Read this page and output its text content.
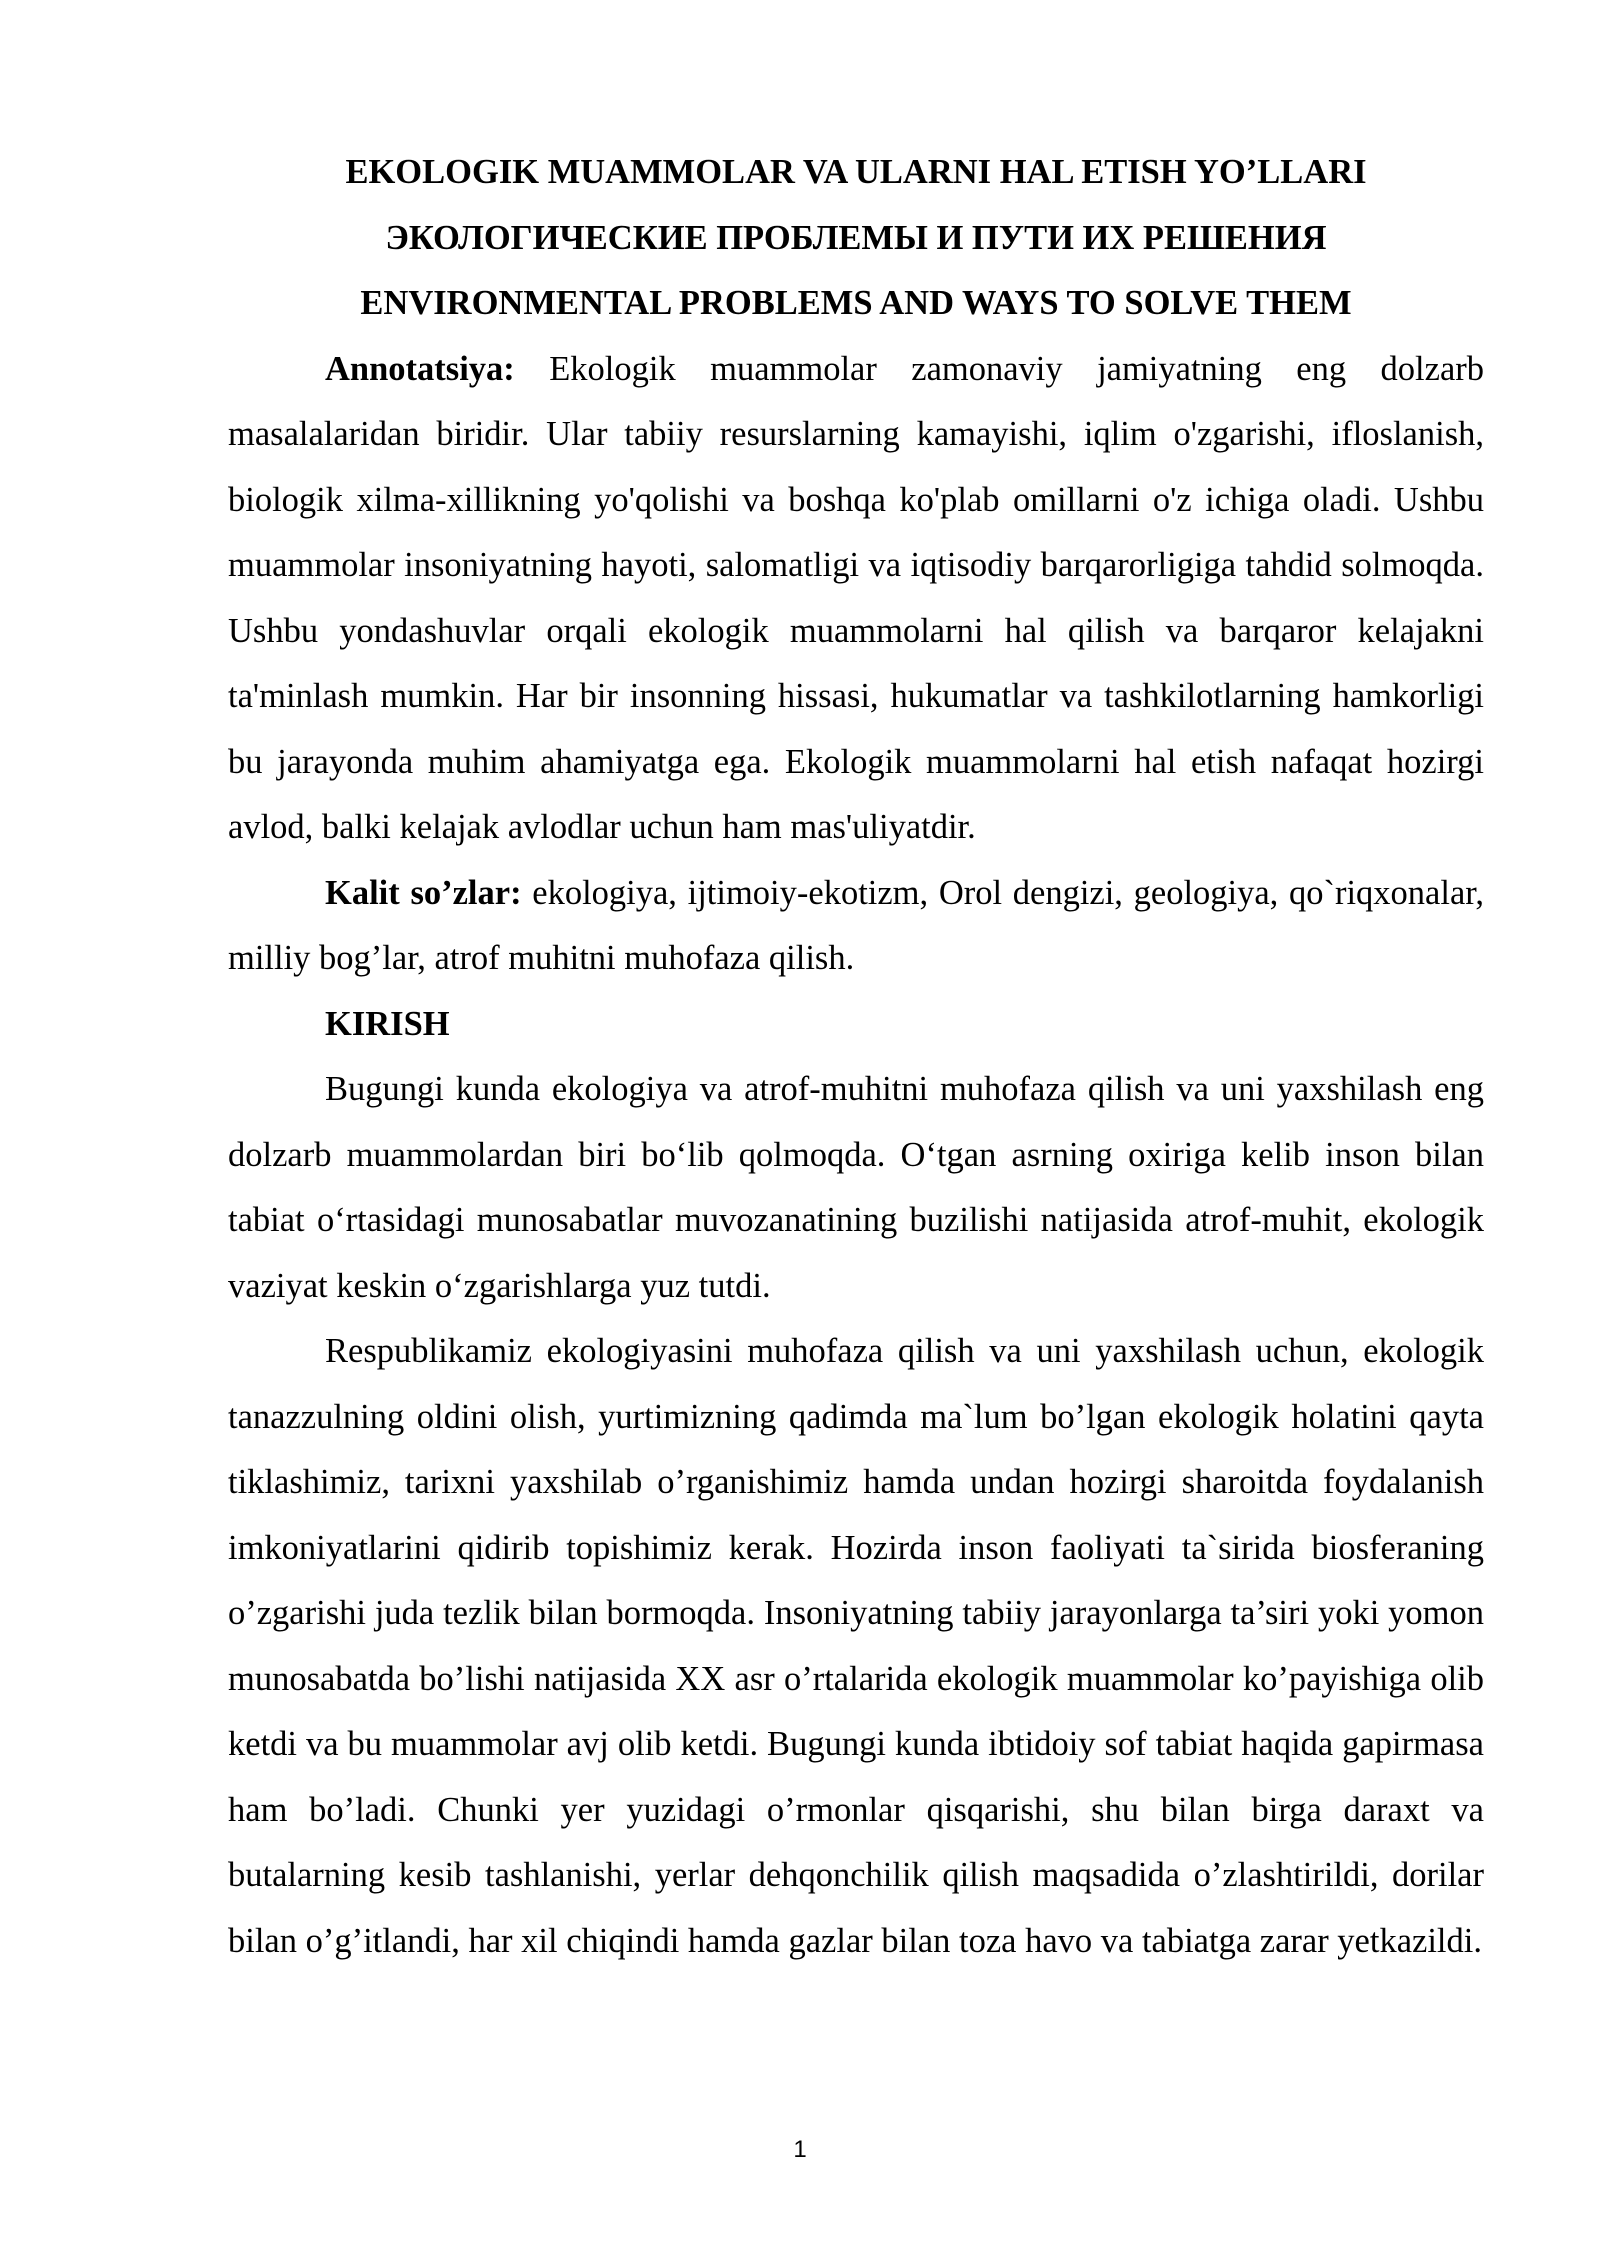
EKOLOGIK MUAMMOLAR VA ULARNI HAL ETISH YO’LLARI

ЭКОЛОГИЧЕСКИЕ ПРОБЛЕМЫ И ПУТИ ИХ РЕШЕНИЯ

ENVIRONMENTAL PROBLEMS AND WAYS TO SOLVE THEM

Annotatsiya: Ekologik muammolar zamonaviy jamiyatning eng dolzarb masalalaridan biridir. Ular tabiiy resurslarning kamayishi, iqlim o'zgarishi, ifloslanish, biologik xilma-xillikning yo'qolishi va boshqa ko'plab omillarni o'z ichiga oladi. Ushbu muammolar insoniyatning hayoti, salomatligi va iqtisodiy barqarorligiga tahdid solmoqda. Ushbu yondashuvlar orqali ekologik muammolarni hal qilish va barqaror kelajakni ta'minlash mumkin. Har bir insonning hissasi, hukumatlar va tashkilotlarning hamkorligi bu jarayonda muhim ahamiyatga ega. Ekologik muammolarni hal etish nafaqat hozirgi avlod, balki kelajak avlodlar uchun ham mas'uliyatdir.

Kalit so’zlar: ekologiya, ijtimoiy-ekotizm, Orol dengizi, geologiya, qo`riqxonalar, milliy bog’lar, atrof muhitni muhofaza qilish.

KIRISH

Bugungi kunda ekologiya va atrof-muhitni muhofaza qilish va uni yaxshilash eng dolzarb muammolardan biri bo‘lib qolmoqda. O‘tgan asrning oxiriga kelib inson bilan tabiat o‘rtasidagi munosabatlar muvozanatining buzilishi natijasida atrof-muhit, ekologik vaziyat keskin o‘zgarishlarga yuz tutdi.

Respublikamiz ekologiyasini muhofaza qilish va uni yaxshilash uchun, ekologik tanazzulning oldini olish, yurtimizning qadimda ma`lum bo’lgan ekologik holatini qayta tiklashimiz, tarixni yaxshilab o’rganishimiz hamda undan hozirgi sharoitda foydalanish imkoniyatlarini qidirib topishimiz kerak. Hozirda inson faoliyati ta`sirida biosferaning o’zgarishi juda tezlik bilan bormoqda. Insoniyatning tabiiy jarayonlarga ta’siri yoki yomon munosabatda bo’lishi natijasida XX asr o’rtalarida ekologik muammolar ko’payishiga olib ketdi va bu muammolar avj olib ketdi. Bugungi kunda ibtidoiy sof tabiat haqida gapirmasa ham bo’ladi. Chunki yer yuzidagi o’rmonlar qisqarishi, shu bilan birga daraxt va butalarning kesib tashlanishi, yerlar dehqonchilik qilish maqsadida o’zlashtirildi, dorilar bilan o’g’itlandi, har xil chiqindi hamda gazlar bilan toza havo va tabiatga zarar yetkazildi.

1
